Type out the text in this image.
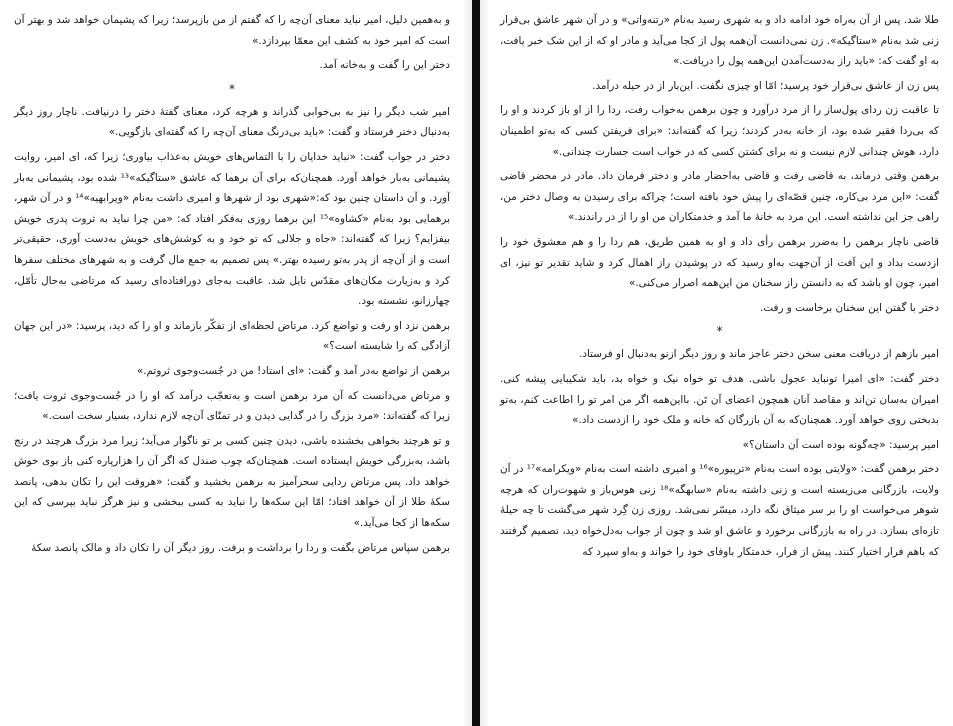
و به‌همین دلیل، امیر نباید معنای آن‌چه را که گفتم از من بازپرسد؛ زیرا که پشیمان خواهد شد و بهتر آن است که امیر خود به کشف این معمّا بپردازد.»

دختر این را گفت و به‌خانه آمد.

*

امیر شب دیگر را نیز به بی‌خوابی گذراند و هرچه کرد، معنای گفتهٔ دختر را درنیافت. ناچار روز دیگر به‌دنبال دختر فرستاد و گفت: «باید بی‌درنگ معنای آن‌چه را که گفته‌ای بازگویی.»

دختر در جواب گفت: «نباید خدایان را با التماس‌های خویش به‌عذاب بیاوری؛ زیرا که، ای امیر، روایت پشیمانی به‌بار خواهد آورد. همچنان‌که برای آن برهما که عاشق «ستاگیکه»¹³ شده بود، پشیمانی به‌بار آورد. و آن داستان چنین بود که:«شهری بود از شهرها و امیری داشت به‌نام «ویرابهیه»¹⁴ و در آن شهر، برهمایی بود به‌نام «کشاوه»¹⁵ این برهما روزی به‌فکر افتاد که: «من چرا نباید به ثروت پدری خویش بیفزایم؟ زیرا که گفته‌اند: «جاه و جلالی که تو خود و به کوشش‌های خویش به‌دست آوری، حقیقی‌تر است و از آن‌چه از پدر به‌تو رسیده بهتر.» پس تصمیم به جمع مال گرفت و به شهرهای مختلف سفرها کرد و به‌زیارت مکان‌های مقدّس نایل شد. عاقبت به‌جای دورافتاده‌ای رسید که مرتاضی به‌حال تأمّل، چهارزانو، نشسته بود.

برهمن نزد او رفت و تواضع کرد. مرتاض لحظه‌ای از تفکّر بازماند و او را که دید، پرسید: «در این جهان آزادگی که را شایسته است؟»

برهمن از تواضع به‌در آمد و گفت: «ای استاد! من در جُست‌وجوی ثروتم.»

و مرتاض می‌دانست که آن مرد برهمن است و به‌تعجّب درآمد که او را در جُست‌وجوی ثروت یافت؛ زیرا که گفته‌اند: «مرد بزرگ را در گدایی دیدن و در تمنّای آن‌چه لازم ندارد، بسیار سخت است.»

و تو هرچند بخواهی بخشنده باشی، دیدن چنین کسی بر تو ناگوار می‌آید؛ زیرا مرد بزرگ هرچند در رنج باشد، به‌بزرگی خویش ایستاده است. همچنان‌که چوب صندل که اگر آن را هزارپاره کنی باز بوی خوش خواهد داد. پس مرتاض ردایی سحرآمیز به برهمن بخشید و گفت: «هروقت این را تکان بدهی، پانصد سکهٔ طلا از آن خواهد افتاد؛ امّا این سکه‌ها را نباید به کسی ببخشی و نیز هرگز نباید بپرسی که این سکه‌ها از کجا می‌آید.»

برهمن سپاس مرتاض بگفت و ردا را برداشت و برفت. روز دیگر آن را تکان داد و مالک پانصد سکهٔ

طلا شد. پس از آن به‌راه خود ادامه داد و به شهری رسید به‌نام «رتنه‌واتی» و در آن شهر عاشق بی‌قرار زنی شد به‌نام «ستاگیکه». زن نمی‌دانست آن‌همه پول از کجا می‌آید و مادر او که از این شک خبر یافت، به او گفت که: «باید راز به‌دست‌آمدن این‌همه پول را دریافت.»

پس زن از عاشق بی‌قرار خود پرسید؛ امّا او چیزی نگفت. این‌بار از در حیله درآمد.

تا عاقبت زن ردای پول‌ساز را از مرد درآورد و چون برهمن به‌خواب رفت، ردا را از او باز کردند و او را که بی‌ردا فقیر شده بود، از خانه به‌در کردند؛ زیرا که گفته‌اند: «برای فریفتن کسی که به‌تو اطمینان دارد، هوش چندانی لازم نیست و نه برای کشتن کسی که در خواب است جسارت چندانی.»

برهمن وقتی درماند، به قاضی رفت و قاضی به‌احضار مادر و دختر فرمان داد. مادر در محضر قاضی گفت: «این مرد بی‌کاره، چنین قصّه‌ای را پیش خود بافته است؛ چراکه برای رسیدن به وصال دختر من، راهی جز این نداشته است. این مرد به خانهٔ ما آمد و خدمتکاران من او را از در راندند.»

قاضی ناچار برهمن را به‌ضرر برهمن رأی داد و او به همین طریق، هم ردا را و هم معشوق خود را ازدست بداد و این آفت از آن‌جهت به‌او رسید که در پوشیدن راز اهمال کرد و شاید تقدیر تو نیز، ای امیر، چون او باشد که به دانستن راز سخنان من این‌همه اصرار می‌کنی.»

دختر با گفتن این سخنان برخاست و رفت.

*

امیر بازهم از دریافت معنی سخن دختر عاجز ماند و روز دیگر ازنو به‌دنبال او فرستاد.

دختر گفت: «ای امیرا تونباید عجول باشی. هدف تو خواه نیک و خواه بد، باید شکیبایی پیشه کنی. امیران به‌سان تن‌اند و مقاصد آنان همچون اعضای آن تَن. بااین‌همه اگر من امر تو را اطاعت کنم، به‌تو بدبختی روی خواهد آورد. همچنان‌که به آن بازرگان که خانه و ملک خود را ازدست داد.»

امیر پرسید: «چه‌گونه بوده است آن داستان؟»

دختر برهمن گفت: «ولایتی بوده است به‌نام «ترپیوره»¹⁶ و امیری داشته است به‌نام «ویکرامه»¹⁷ در آن ولایت، بازرگانی می‌زیسته است و زنی داشته به‌نام «سابهگه»¹⁸ زنی هوس‌باز و شهوت‌ران که هرچه شوهر می‌خواست او را بر سر میثاق نگه دارد، میسّر نمی‌شد. روزی زن گِرد شهر می‌گشت تا چه حیلهٔ تازه‌ای بسازد. در راه به بازرگانی برخورد و عاشق او شد و چون از جواب به‌دل‌خواه دید، تصمیم گرفتند که باهم فرار اختیار کنند. پیش از فرار، خدمتکار باوفای خود را خواند و به‌او سپرد که
